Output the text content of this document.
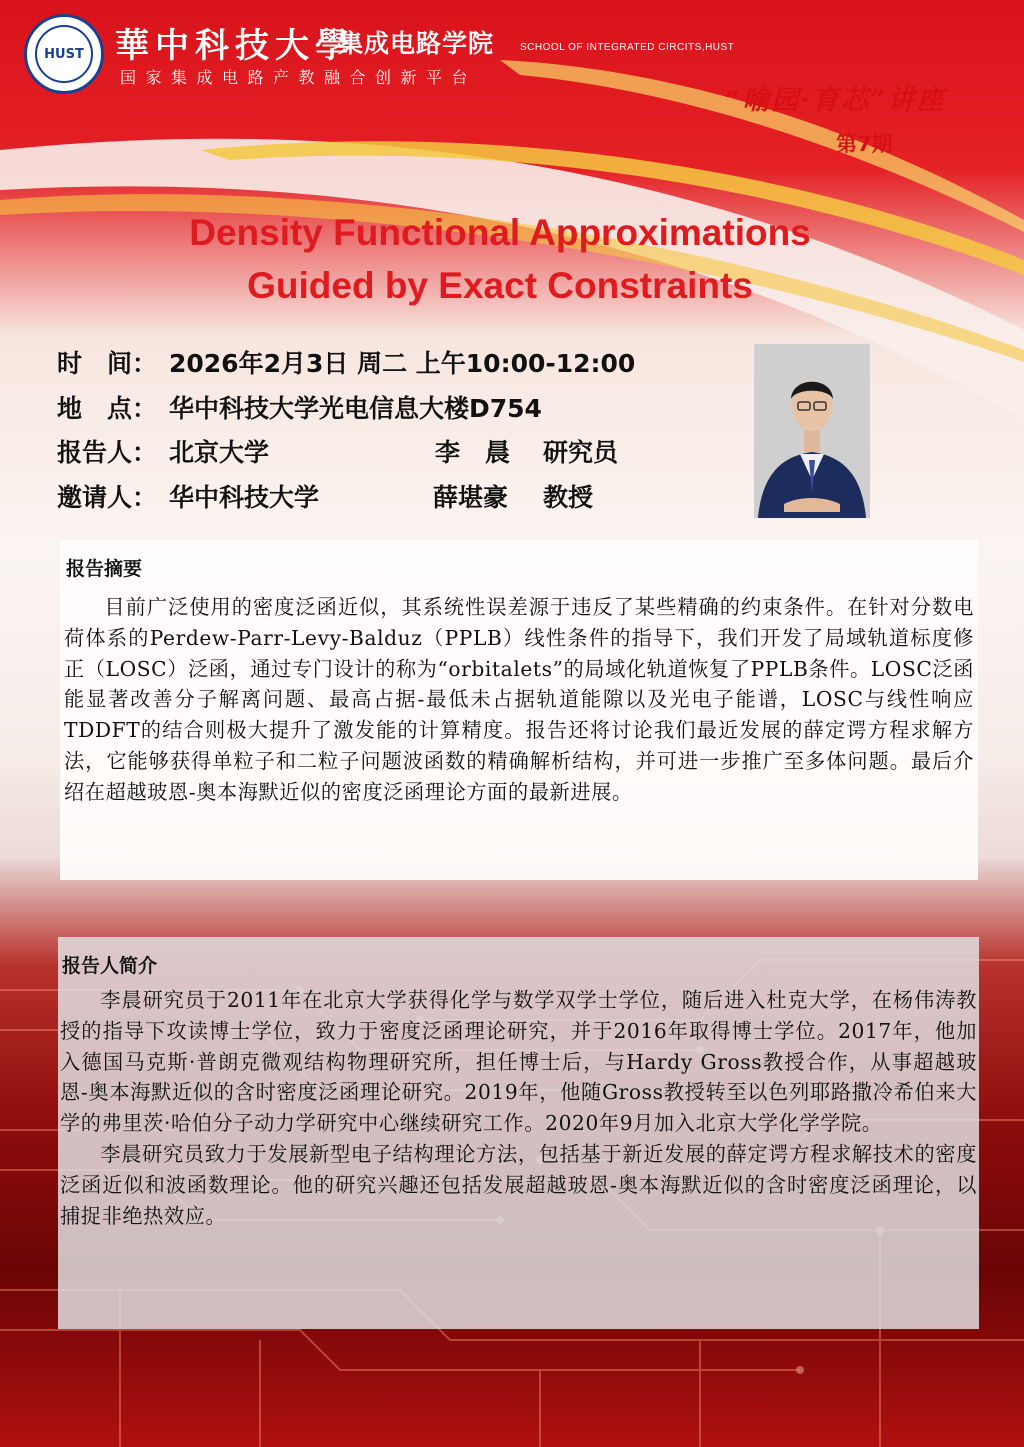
HUST 華中科技大學
集成电路学院	SCHOOL OF INTEGRATED CIRCITS,HUST
国家集成电路产教融合创新平台
“喻园·育芯”讲座
第7期
Density Functional Approximations
Guided by Exact Constraints
时　间： 2026年2月3日 周二 上午10:00-12:00
地　点： 华中科技大学光电信息大楼D754
报告人： 北京大学	李　晨 研究员
邀请人： 华中科技大学	薛堪豪 教授
报告摘要

目前广泛使用的密度泛函近似，其系统性误差源于违反了某些精确的约束条件。在针对分数电荷体系的Perdew-Parr-Levy-Balduz（PPLB）线性条件的指导下，我们开发了局域轨道标度修正（LOSC）泛函，通过专门设计的称为“orbitalets”的局域化轨道恢复了PPLB条件。LOSC泛函能显著改善分子解离问题、最高占据-最低未占据轨道能隙以及光电子能谱，LOSC与线性响应TDDFT的结合则极大提升了激发能的计算精度。报告还将讨论我们最近发展的薛定谔方程求解方法，它能够获得单粒子和二粒子问题波函数的精确解析结构，并可进一步推广至多体问题。最后介绍在超越玻恩-奥本海默近似的密度泛函理论方面的最新进展。

报告人简介

李晨研究员于2011年在北京大学获得化学与数学双学士学位，随后进入杜克大学，在杨伟涛教授的指导下攻读博士学位，致力于密度泛函理论研究，并于2016年取得博士学位。2017年，他加入德国马克斯·普朗克微观结构物理研究所，担任博士后，与Hardy Gross教授合作，从事超越玻恩-奥本海默近似的含时密度泛函理论研究。2019年，他随Gross教授转至以色列耶路撒冷希伯来大学的弗里茨·哈伯分子动力学研究中心继续研究工作。2020年9月加入北京大学化学学院。

李晨研究员致力于发展新型电子结构理论方法，包括基于新近发展的薛定谔方程求解技术的密度泛函近似和波函数理论。他的研究兴趣还包括发展超越玻恩-奥本海默近似的含时密度泛函理论，以捕捉非绝热效应。
